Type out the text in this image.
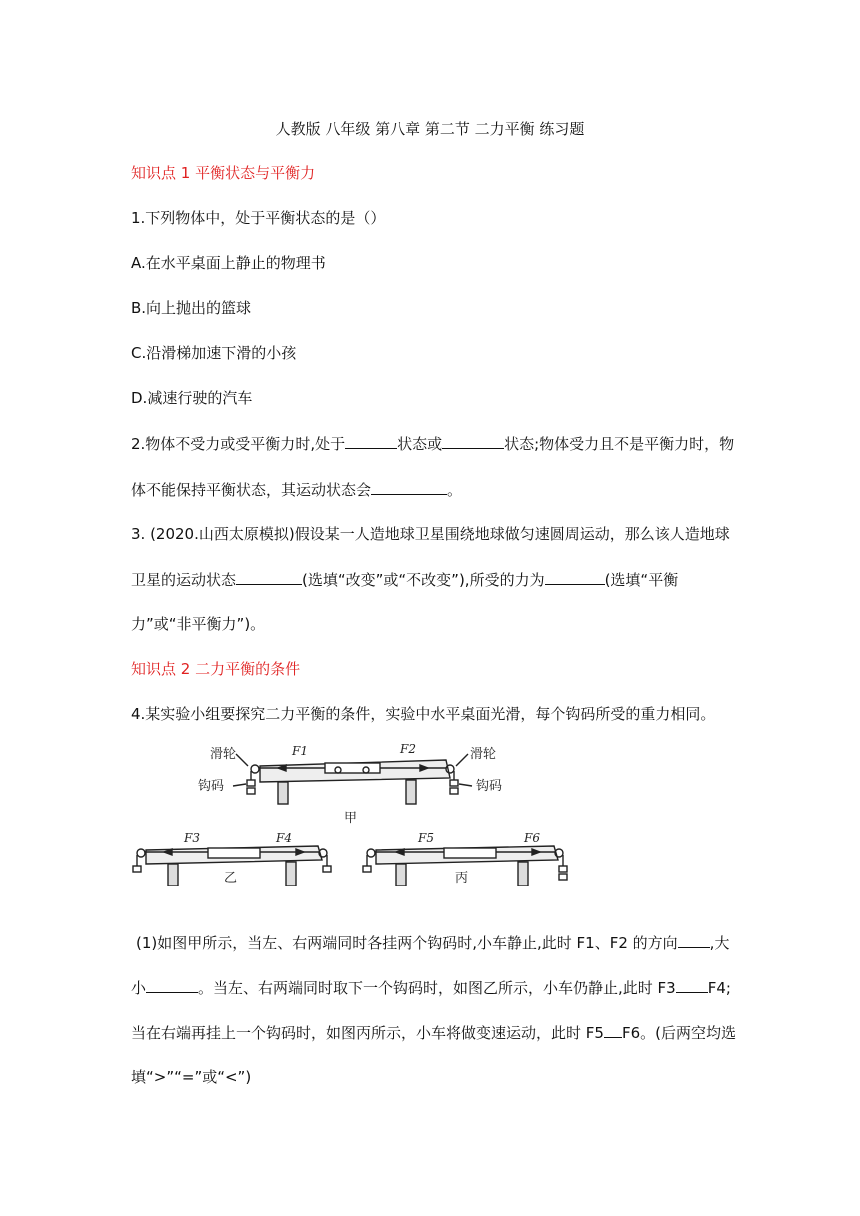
人教版 八年级 第八章 第二节 二力平衡 练习题
知识点 1 平衡状态与平衡力
1.下列物体中，处于平衡状态的是（）
A.在水平桌面上静止的物理书
B.向上抛出的篮球
C.沿滑梯加速下滑的小孩
D.减速行驶的汽车
2.物体不受力或受平衡力时,处于	状态或	状态;物体受力且不是平衡力时，物
体不能保持平衡状态，其运动状态会	。
3. (2020.山西太原模拟)假设某一人造地球卫星围绕地球做匀速圆周运动，那么该人造地球
卫星的运动状态	(选填“改变”或“不改变”),所受的力为	(选填“平衡
力”或“非平衡力”)。
知识点 2 二力平衡的条件
4.某实验小组要探究二力平衡的条件，实验中水平桌面光滑，每个钩码所受的重力相同。
滑轮	滑轮
钩码	钩码
F1	F2
甲
F3	F4
乙
F5	F6
丙
(1)如图甲所示，当左、右两端同时各挂两个钩码时,小车静止,此时 F1、F2 的方向 ,大
小	。当左、右两端同时取下一个钩码时，如图乙所示，小车仍静止,此时 F3 F4;
当在右端再挂上一个钩码时，如图丙所示，小车将做变速运动，此时 F5 F6。(后两空均选
填“>”“=”或“<”)
